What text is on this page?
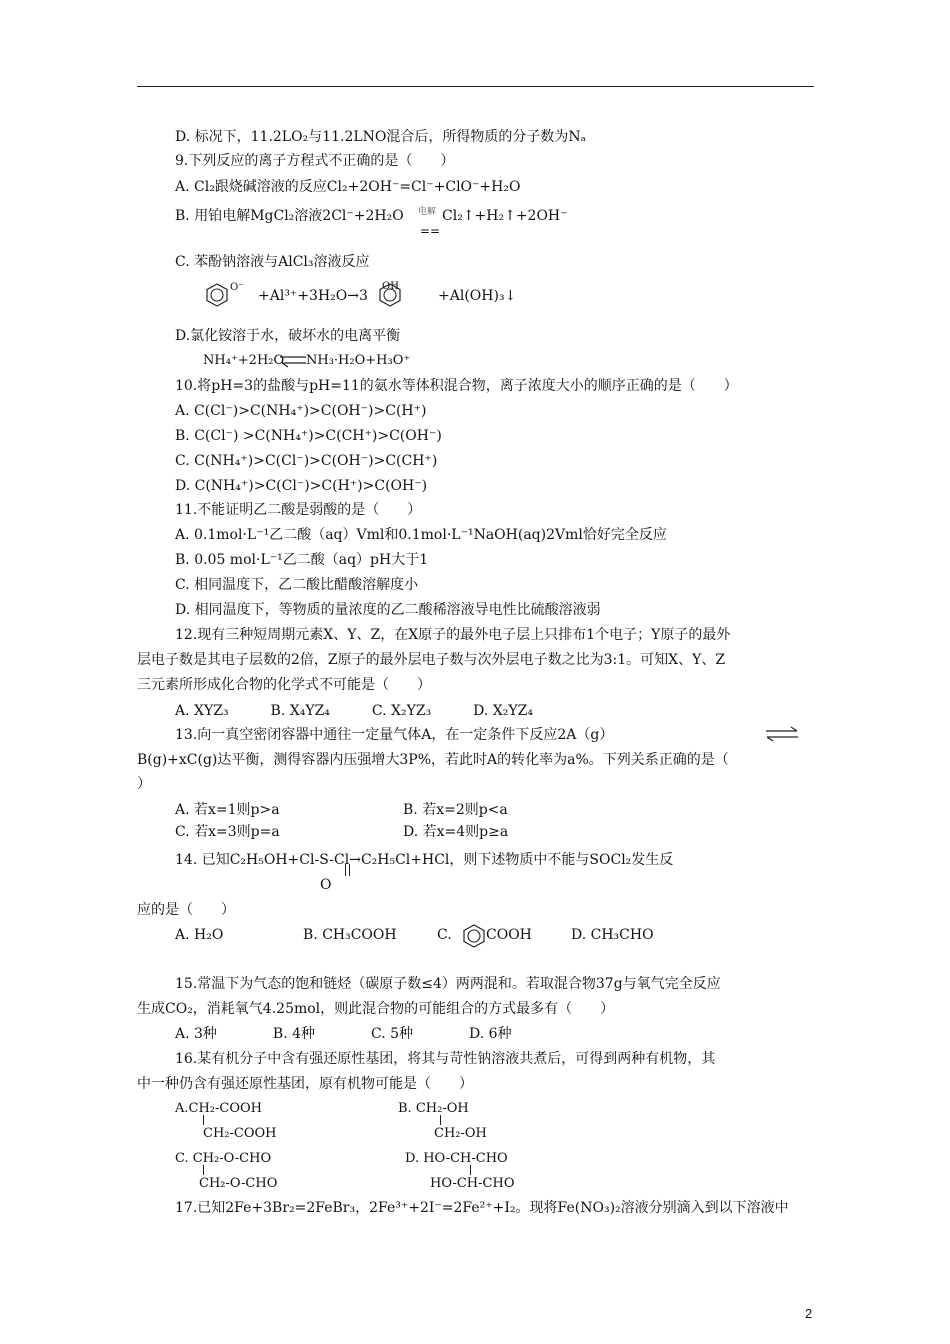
D. 标况下，11.2LO₂与11.2LNO混合后，所得物质的分子数为Nₐ
9.下列反应的离子方程式不正确的是（　　）
A. Cl₂跟烧碱溶液的反应Cl₂+2OH⁻=Cl⁻+ClO⁻+H₂O
B. 用铂电解MgCl₂溶液2Cl⁻+2H₂O 电解 Cl₂↑+H₂↑+2OH⁻
==
C. 苯酚钠溶液与AlCl₃溶液反应
O⁻
+Al³⁺+3H₂O→3
OH
+Al(OH)₃↓
D.氯化铵溶于水，破坏水的电离平衡
NH₄⁺+2H₂O NH₃·H₂O+H₃O⁺
10.将pH=3的盐酸与pH=11的氨水等体积混合物，离子浓度大小的顺序正确的是（　　）
A. C(Cl⁻)>C(NH₄⁺)>C(OH⁻)>C(H⁺)
B. C(Cl⁻) >C(NH₄⁺)>C(CH⁺)>C(OH⁻)
C. C(NH₄⁺)>C(Cl⁻)>C(OH⁻)>C(CH⁺)
D. C(NH₄⁺)>C(Cl⁻)>C(H⁺)>C(OH⁻)
11.不能证明乙二酸是弱酸的是（　　）
A. 0.1mol·L⁻¹乙二酸（aq）Vml和0.1mol·L⁻¹NaOH(aq)2Vml恰好完全反应
B. 0.05 mol·L⁻¹乙二酸（aq）pH大于1
C. 相同温度下，乙二酸比醋酸溶解度小
D. 相同温度下，等物质的量浓度的乙二酸稀溶液导电性比硫酸溶液弱
12.现有三种短周期元素X、Y、Z，在X原子的最外电子层上只排布1个电子；Y原子的最外
层电子数是其电子层数的2倍，Z原子的最外层电子数与次外层电子数之比为3:1。可知X、Y、Z
三元素所形成化合物的化学式不可能是（　　）
A. XYZ₃　　　B. X₄YZ₄　　　C. X₂YZ₃　　　D. X₂YZ₄
13.向一真空密闭容器中通往一定量气体A，在一定条件下反应2A（g）
B(g)+xC(g)达平衡，测得容器内压强增大3P%，若此时A的转化率为a%。下列关系正确的是（
）
A. 若x=1则p>a	B. 若x=2则p<a
C. 若x=3则p=a	D. 若x=4则p≥a
14. 已知C₂H₅OH+Cl-S-Cl→C₂H₅Cl+HCl，则下述物质中不能与SOCl₂发生反
O
应的是（　　）
A. H₂O	B. CH₃COOH	C. COOH	D. CH₃CHO
15.常温下为气态的饱和链烃（碳原子数≤4）两两混和。若取混合物37g与氧气完全反应
生成CO₂，消耗氧气4.25mol，则此混合物的可能组合的方式最多有（　　）
A. 3种　　　　B. 4种　　　　C. 5种　　　　D. 6种
16.某有机分子中含有强还原性基团，将其与苛性钠溶液共煮后，可得到两种有机物，其
中一种仍含有强还原性基团，原有机物可能是（　　）
A.CH₂-COOH
CH₂-COOH
B. CH₂-OH
CH₂-OH
C. CH₂-O-CHO
CH₂-O-CHO
D. HO-CH-CHO
HO-CH-CHO
17.已知2Fe+3Br₂=2FeBr₃，2Fe³⁺+2I⁻=2Fe²⁺+I₂。现将Fe(NO₃)₂溶液分别滴入到以下溶液中
2
